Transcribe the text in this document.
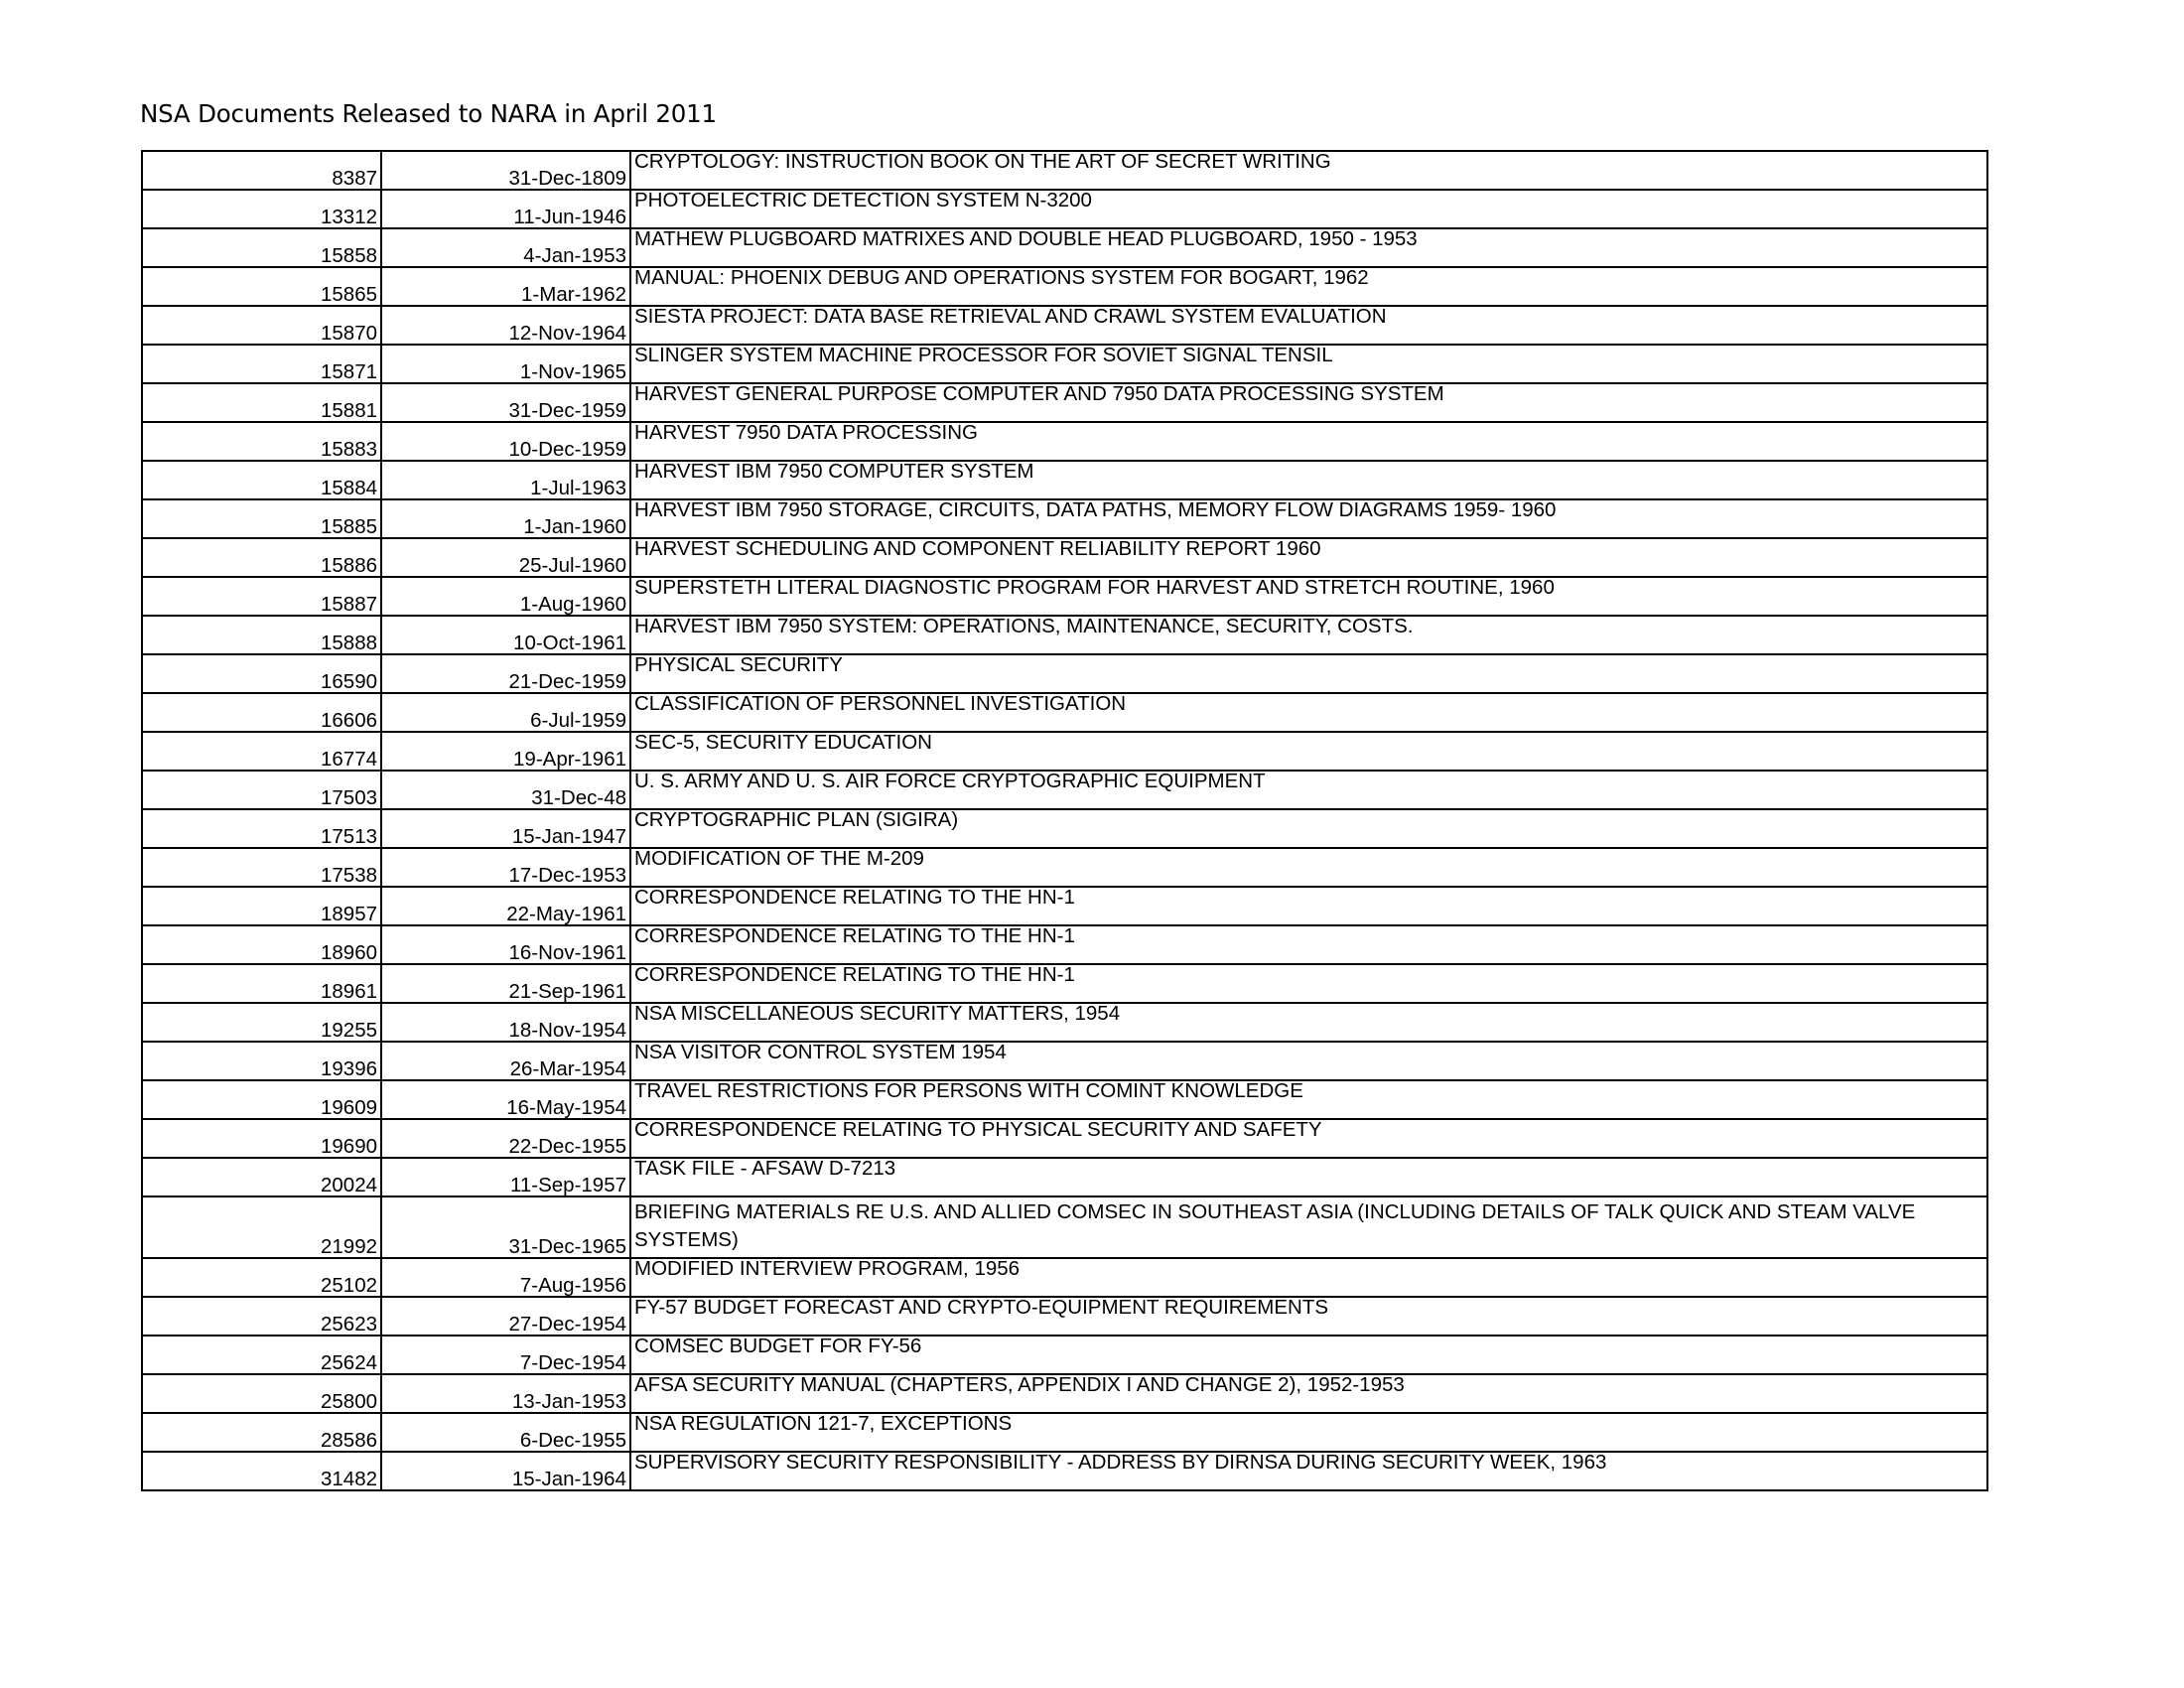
NSA Documents Released to NARA in April 2011
8387	31-Dec-1809	CRYPTOLOGY: INSTRUCTION BOOK ON THE ART OF SECRET WRITING
13312	11-Jun-1946	PHOTOELECTRIC DETECTION SYSTEM N-3200
15858	4-Jan-1953	MATHEW PLUGBOARD MATRIXES AND DOUBLE HEAD PLUGBOARD, 1950 - 1953
15865	1-Mar-1962	MANUAL: PHOENIX DEBUG AND OPERATIONS SYSTEM FOR BOGART, 1962
15870	12-Nov-1964	SIESTA PROJECT: DATA BASE RETRIEVAL AND CRAWL SYSTEM EVALUATION
15871	1-Nov-1965	SLINGER SYSTEM MACHINE PROCESSOR FOR SOVIET SIGNAL TENSIL
15881	31-Dec-1959	HARVEST GENERAL PURPOSE COMPUTER AND 7950 DATA PROCESSING SYSTEM
15883	10-Dec-1959	HARVEST 7950 DATA PROCESSING
15884	1-Jul-1963	HARVEST IBM 7950 COMPUTER SYSTEM
15885	1-Jan-1960	HARVEST IBM 7950 STORAGE, CIRCUITS, DATA PATHS, MEMORY FLOW DIAGRAMS 1959- 1960
15886	25-Jul-1960	HARVEST SCHEDULING AND COMPONENT RELIABILITY REPORT 1960
15887	1-Aug-1960	SUPERSTETH LITERAL DIAGNOSTIC PROGRAM FOR HARVEST AND STRETCH ROUTINE, 1960
15888	10-Oct-1961	HARVEST IBM 7950 SYSTEM: OPERATIONS, MAINTENANCE, SECURITY, COSTS.
16590	21-Dec-1959	PHYSICAL SECURITY
16606	6-Jul-1959	CLASSIFICATION OF PERSONNEL INVESTIGATION
16774	19-Apr-1961	SEC-5, SECURITY EDUCATION
17503	31-Dec-48	U. S. ARMY AND U. S. AIR FORCE CRYPTOGRAPHIC EQUIPMENT
17513	15-Jan-1947	CRYPTOGRAPHIC PLAN (SIGIRA)
17538	17-Dec-1953	MODIFICATION OF THE M-209
18957	22-May-1961	CORRESPONDENCE RELATING TO THE HN-1
18960	16-Nov-1961	CORRESPONDENCE RELATING TO THE HN-1
18961	21-Sep-1961	CORRESPONDENCE RELATING TO THE HN-1
19255	18-Nov-1954	NSA MISCELLANEOUS SECURITY MATTERS, 1954
19396	26-Mar-1954	NSA VISITOR CONTROL SYSTEM 1954
19609	16-May-1954	TRAVEL RESTRICTIONS FOR PERSONS WITH COMINT KNOWLEDGE
19690	22-Dec-1955	CORRESPONDENCE RELATING TO PHYSICAL SECURITY AND SAFETY
20024	11-Sep-1957	TASK FILE - AFSAW D-7213
21992	31-Dec-1965	BRIEFING MATERIALS RE U.S. AND ALLIED COMSEC IN SOUTHEAST ASIA (INCLUDING DETAILS OF TALK QUICK AND STEAM VALVE SYSTEMS)
25102	7-Aug-1956	MODIFIED INTERVIEW PROGRAM, 1956
25623	27-Dec-1954	FY-57 BUDGET FORECAST AND CRYPTO-EQUIPMENT REQUIREMENTS
25624	7-Dec-1954	COMSEC BUDGET FOR FY-56
25800	13-Jan-1953	AFSA SECURITY MANUAL (CHAPTERS, APPENDIX I AND CHANGE 2), 1952-1953
28586	6-Dec-1955	NSA REGULATION 121-7, EXCEPTIONS
31482	15-Jan-1964	SUPERVISORY SECURITY RESPONSIBILITY - ADDRESS BY DIRNSA DURING SECURITY WEEK, 1963
